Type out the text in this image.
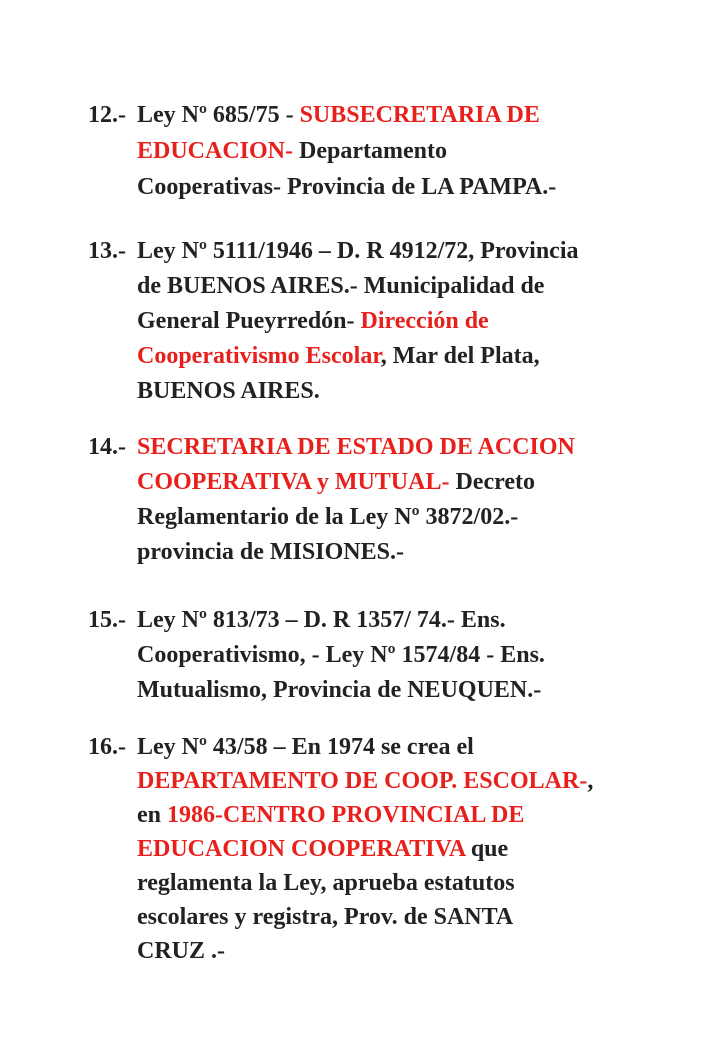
12.- Ley Nº 685/75 - SUBSECRETARIA DE
EDUCACION- Departamento
Cooperativas- Provincia de LA PAMPA.-
13.- Ley Nº 5111/1946 – D. R 4912/72, Provincia
de BUENOS AIRES.- Municipalidad de
General Pueyrredón- Dirección de
Cooperativismo Escolar, Mar del Plata,
BUENOS AIRES.
14.- SECRETARIA DE ESTADO DE ACCION
COOPERATIVA y MUTUAL- Decreto
Reglamentario de la Ley Nº 3872/02.-
provincia de MISIONES.-
15.- Ley Nº 813/73 – D. R 1357/ 74.- Ens.
Cooperativismo, - Ley Nº 1574/84 - Ens.
Mutualismo, Provincia de NEUQUEN.-
16.- Ley Nº 43/58 – En 1974 se crea el
DEPARTAMENTO DE COOP. ESCOLAR-,
en 1986-CENTRO PROVINCIAL DE
EDUCACION COOPERATIVA que
reglamenta la Ley, aprueba estatutos
escolares y registra, Prov. de SANTA
CRUZ .-
